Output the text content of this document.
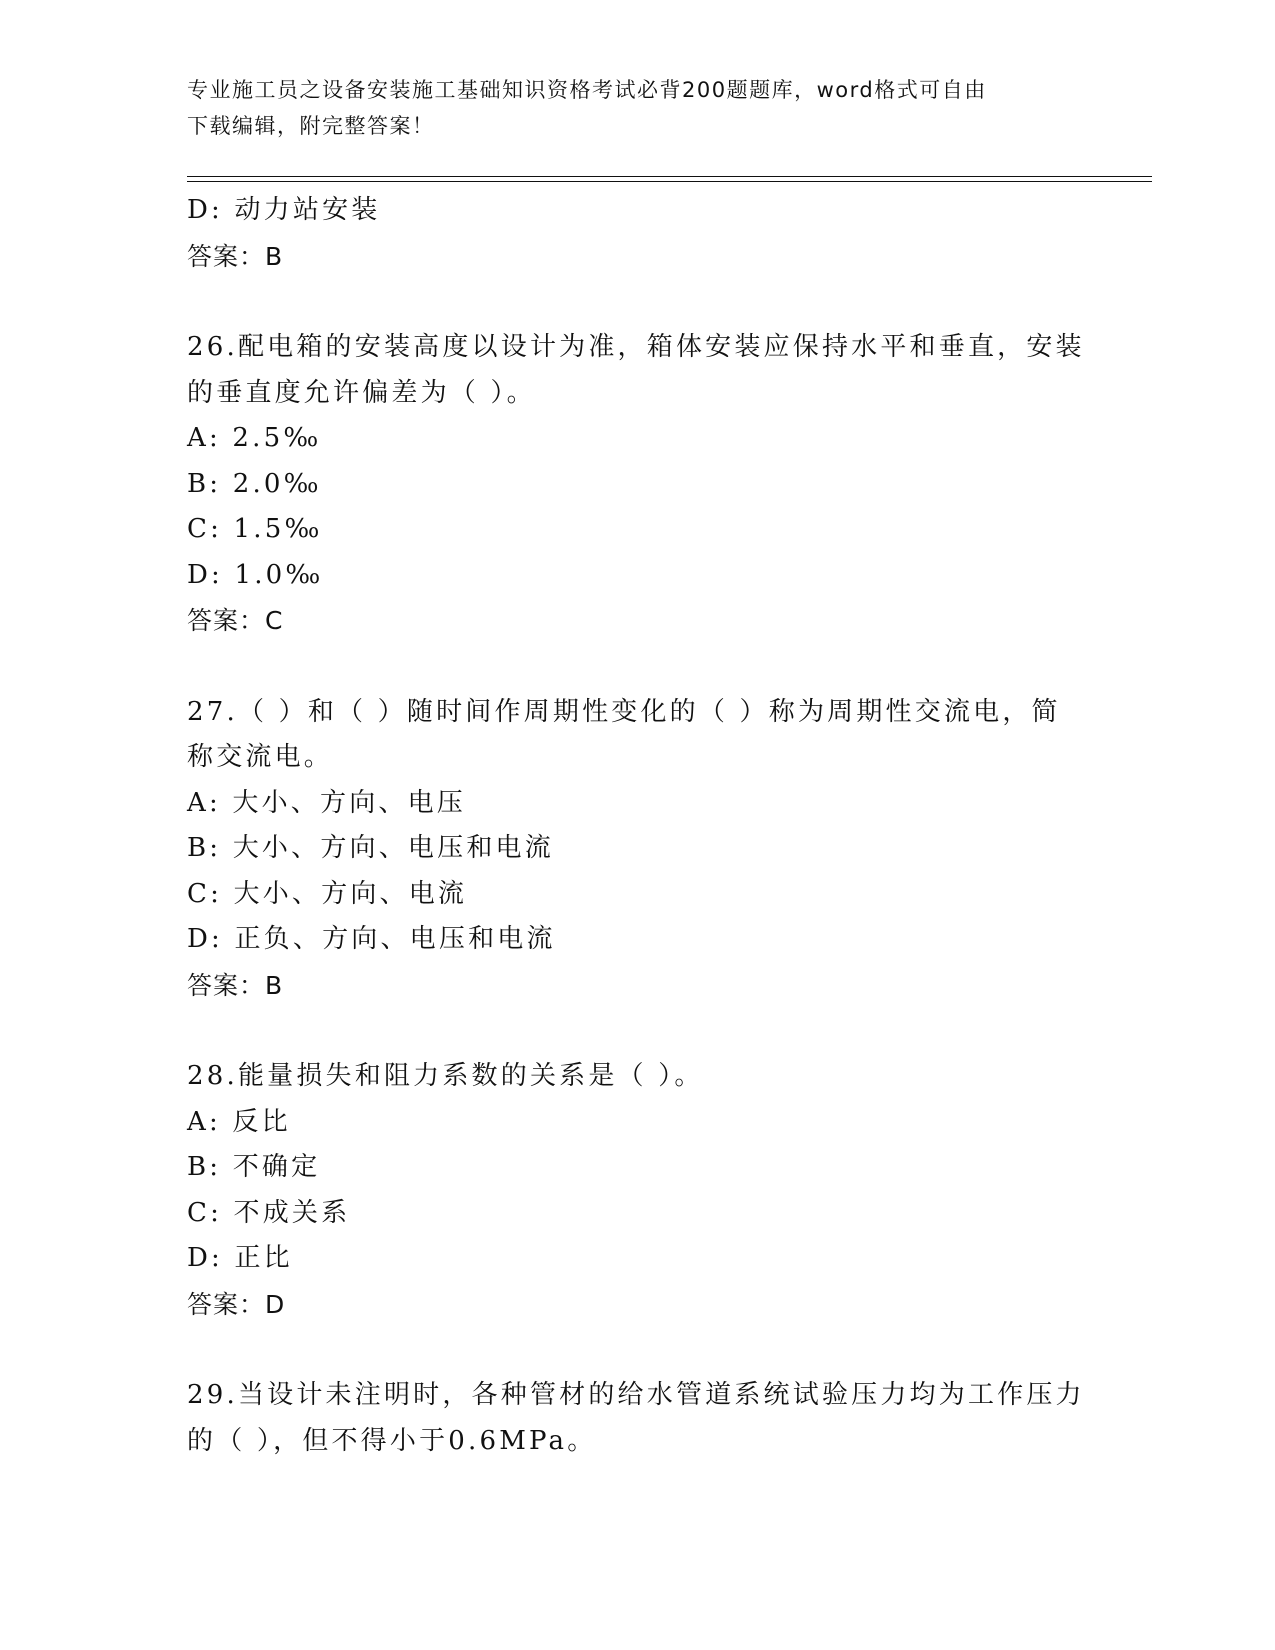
专业施工员之设备安装施工基础知识资格考试必背200题题库，word格式可自由
下载编辑，附完整答案！
D: 动力站安装
答案：B
26.配电箱的安装高度以设计为准，箱体安装应保持水平和垂直，安装
的垂直度允许偏差为（ ）。
A: 2.5‰
B: 2.0‰
C: 1.5‰
D: 1.0‰
答案：C
27.（ ）和（ ）随时间作周期性变化的（ ）称为周期性交流电，简
称交流电。
A: 大小、方向、电压
B: 大小、方向、电压和电流
C: 大小、方向、电流
D: 正负、方向、电压和电流
答案：B
28.能量损失和阻力系数的关系是（ ）。
A: 反比
B: 不确定
C: 不成关系
D: 正比
答案：D
29.当设计未注明时，各种管材的给水管道系统试验压力均为工作压力
的（ ），但不得小于0.6MPa。
